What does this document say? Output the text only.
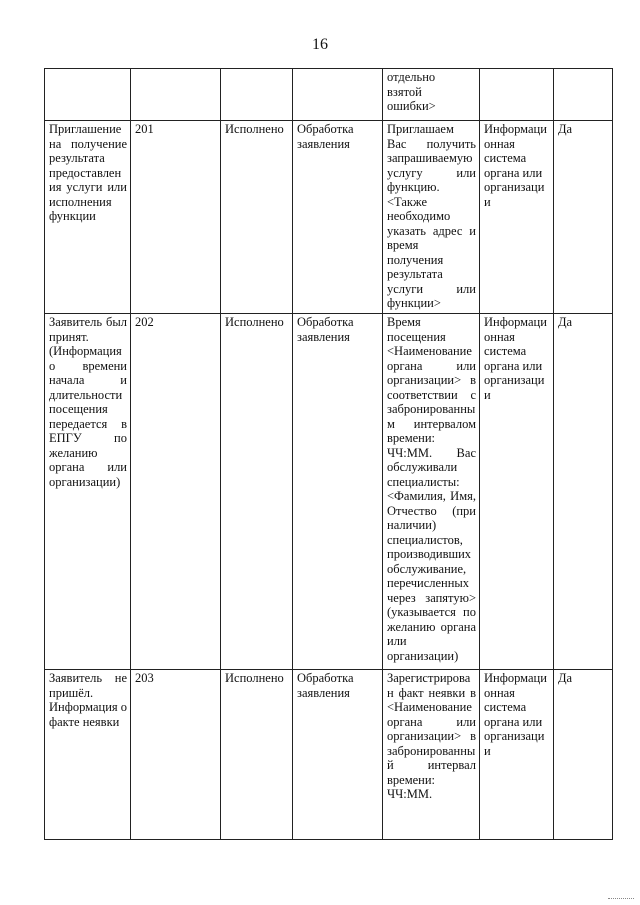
16
				отдельно
взятой
ошибки>		
Приглашение на получение результата предоставления услуги или исполнения функции	201	Исполнено	Обработка заявления	Приглашаем Вас получить запрашиваемую услугу или функцию. <Также необходимо указать адрес и время получения результата услуги или функции>	Информационная система органа или организации	Да
Заявитель был принят. (Информация о времени начала и длительности посещения передается в ЕПГУ по желанию органа или организации)	202	Исполнено	Обработка заявления	Время посещения <Наименование органа или организации> в соответствии с забронированным интервалом времени: ЧЧ:ММ. Вас обслуживали специалисты: <Фамилия, Имя, Отчество (при наличии) специалистов, производивших обслуживание, перечисленных через запятую> (указывается по желанию органа или организации)	Информационная система органа или организации	Да
Заявитель не пришёл. Информация о факте неявки	203	Исполнено	Обработка заявления	Зарегистрирован факт неявки в <Наименование органа или организации> в забронированный интервал времени: ЧЧ:ММ.	Информационная система органа или организации	Да
